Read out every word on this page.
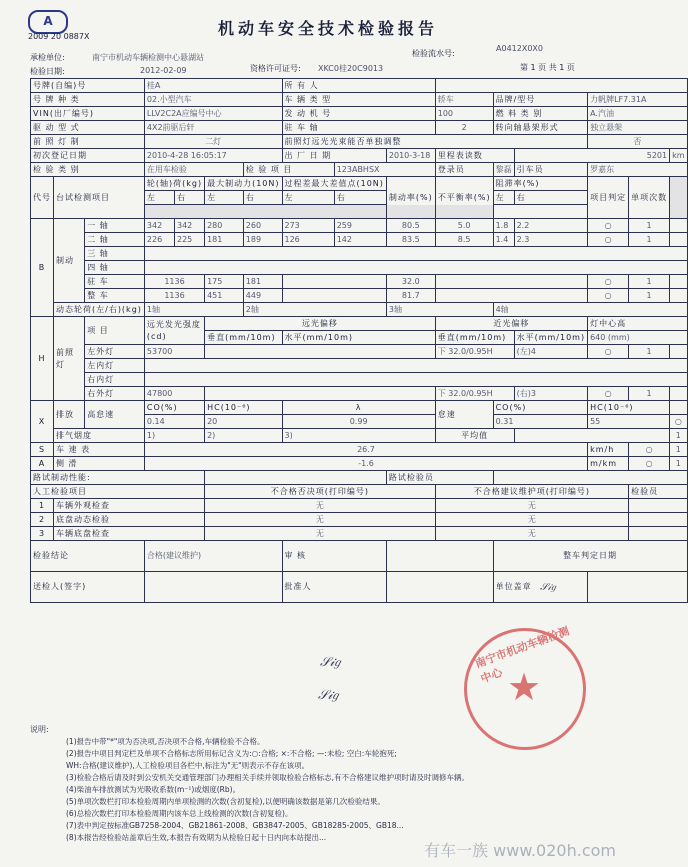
A
2009 20 0887X	机动车安全技术检验报告
承检单位:	南宁市机动车辆检测中心悬湖站	检验流水号:
A0412X0X0
检验日期:	2012-02-09	资格许可证号: XKC0桂20C9013	第 1 页 共 1 页
号牌(自编)号			桂A				所 有 人								
号 牌 种 类			02.小型汽车				车 辆 类 型			轿车	品牌/型号		力帆牌LF7.31A		
VIN(出厂编号)			LLV2C2A应编号中心				发 动 机 号			100	燃 料 类 别		A.汽油		
驱 动 型 式			4X2前驱后轩				驻 车 轴			2	转向轴悬架形式		独立悬架		
前 照 灯 制			二灯				前照灯远光光束能否单独调整						否		
初次登记日期			2010-4-28 16:05:17				出 厂 日 期		2010-3-18	里程表读数		5201			km
检 验 类 别			在用车检验			检 验 项 目		123ABHSX		登录员	黎磊	引车员	罗嘉东		
代号	台试检测项目		轮(轴)荷(kg)		最大制动力(10N)		过程差最大差值点(10N)		制动率(%)	不平衡率(%)	阻滞率(%)		项目判定	单项次数	
			左	右	左	右	左	右			左	右			

B	制动	一 轴	342	342	280	260	273	259	80.5	5.0	1.8	2.2	○	1	
		二 轴	226	225	181	189	126	142	83.5	8.5	1.4	2.3	○	1	
		三 轴													
		四 轴													
		驻 车	1136		175	181			32.0				○	1	
		整 车	1136		451	449			81.7				○	1	
	动态轮荷(左/右)(kg)		1轴			2轴			3轴		4轴				
H	前照灯	项 目	远光发光强度(cd)		远光偏移					近光偏移			灯中心高		
					垂直(mm/10m)		水平(mm/10m)			垂直(mm/10m)		水平(mm/10m)	640 (mm)		
		左外灯	53700							下 32.0/0.95H		(左)4	○	1	
		左内灯													
		右内灯													
		右外灯	47800							下 32.0/0.95H		(右)3	○	1	
X	排放	高怠速	CO(%)		HC(10⁻⁶)		λ			怠速	CO(%)		HC(10⁻⁶)		
			0.14		20		0.99				0.31		55		○
	排气烟度		1)		2)		3)			平均值					1
S	车 速 表		26.7										km/h	○	1
A	侧 滑		-1.6										m/km	○	1
路试制动性能:									路试检验员						
人工检验项目					不合格否决项(打印编号)					不合格建议维护项(打印编号)				检验员	
1	车辆外观检查				无					无					
2	底盘动态检验				无					无					
3	车辆底盘检查				无					无					
检验结论			合格(建议维护)				审 核				整车判定日期				
送检人(签字)							批准人				单位盖章				
𝒮𝒾𝑔
𝒮𝒾𝑔
𝒮𝒾𝑔
南宁市机动车辆检测中心 ★
说明:
(1)报告中带"*"项为否决项,否决项不合格,车辆检验不合格。
(2)报告中项目判定栏及单项不合格标志所用标记含义为:○:合格; ×:不合格; —:未检; 空白:车轮抱死;
WH:合格(建议维护),人工检验项目各栏中,标注为"无"则表示不存在该项。
(3)检验合格后请及时到公安机关交通管理部门办理相关手续并领取检验合格标志,有不合格建议维护项时请及时调修车辆。
(4)柴油车排放测试为光吸收系数(m⁻¹)或烟度(Rb)。
(5)单项次数栏打印本检验周期内单项检测的次数(含初复检),以便明确该数据是第几次检验结果。
(6)总检次数栏打印本检验周期内该车总上线检测的次数(含初复检)。
(7)表中判定按标准GB7258-2004、GB21861-2008、GB3847-2005、GB18285-2005、GB18...
(8)本报告经检验站盖章后生效,本报告有效期为从检验日起十日内向本站提出...
有车一族 www.020h.com
